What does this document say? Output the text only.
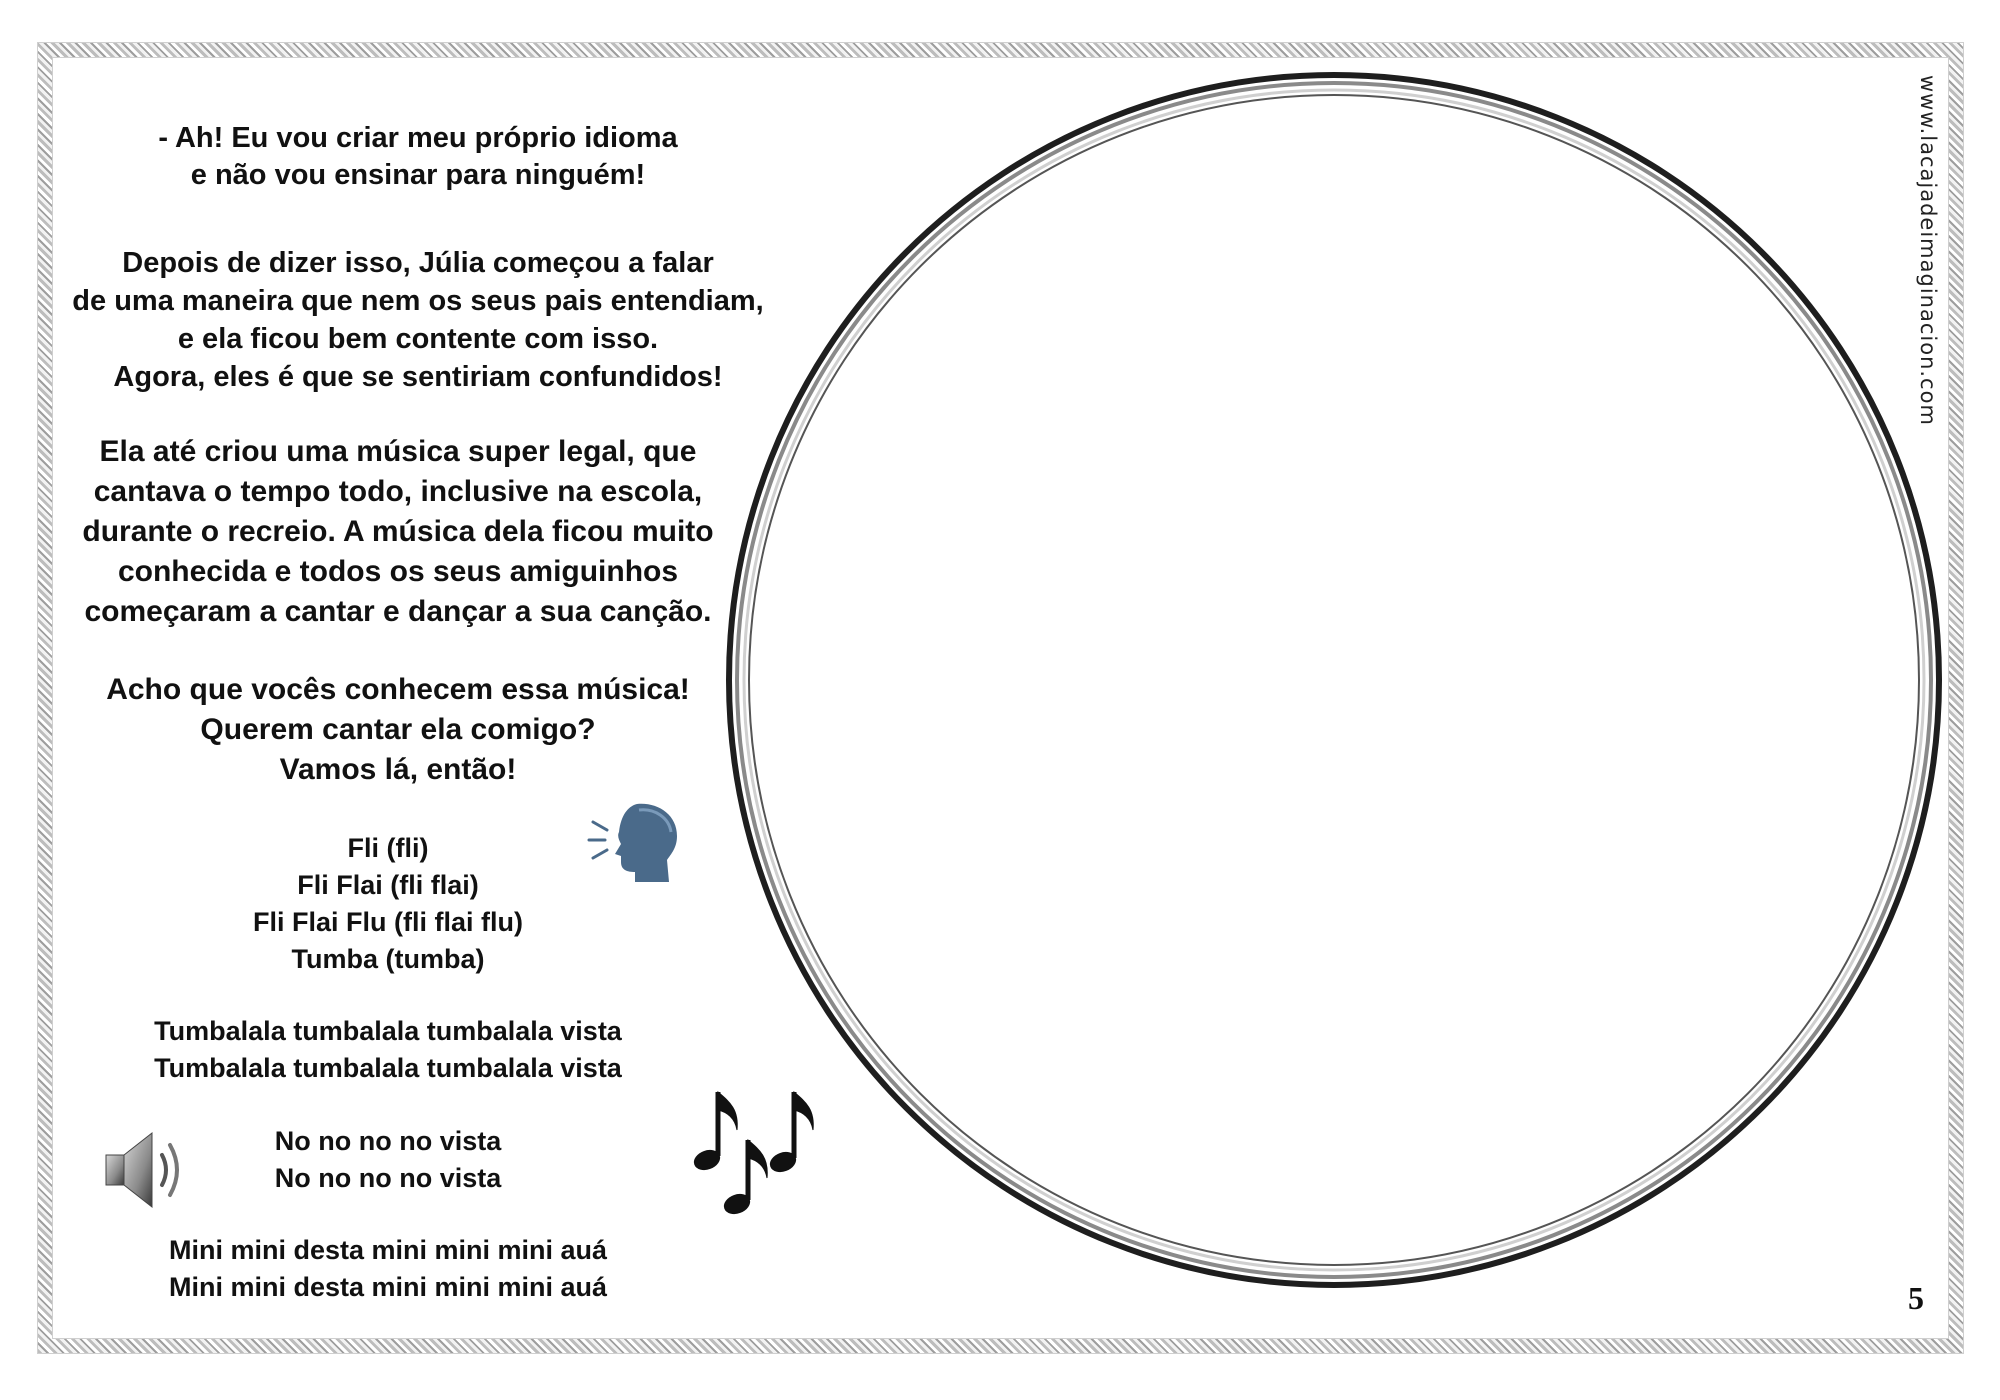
- Ah! Eu vou criar meu próprio idioma
e não vou ensinar para ninguém!

Depois de dizer isso, Júlia começou a falar
de uma maneira que nem os seus pais entendiam,
e ela ficou bem contente com isso.
Agora, eles é que se sentiriam confundidos!

Ela até criou uma música super legal, que
cantava o tempo todo, inclusive na escola,
durante o recreio. A música dela ficou muito
conhecida e todos os seus amiguinhos
começaram a cantar e dançar a sua canção.

Acho que vocês conhecem essa música!
Querem cantar ela comigo?
Vamos lá, então!

Fli (fli)
Fli Flai (fli flai)
Fli Flai Flu (fli flai flu)
Tumba (tumba)

Tumbalala tumbalala tumbalala vista
Tumbalala tumbalala tumbalala vista

No no no no vista
No no no no vista

Mini mini desta mini mini mini auá
Mini mini desta mini mini mini auá

www.lacajadeimaginacion.com
5
